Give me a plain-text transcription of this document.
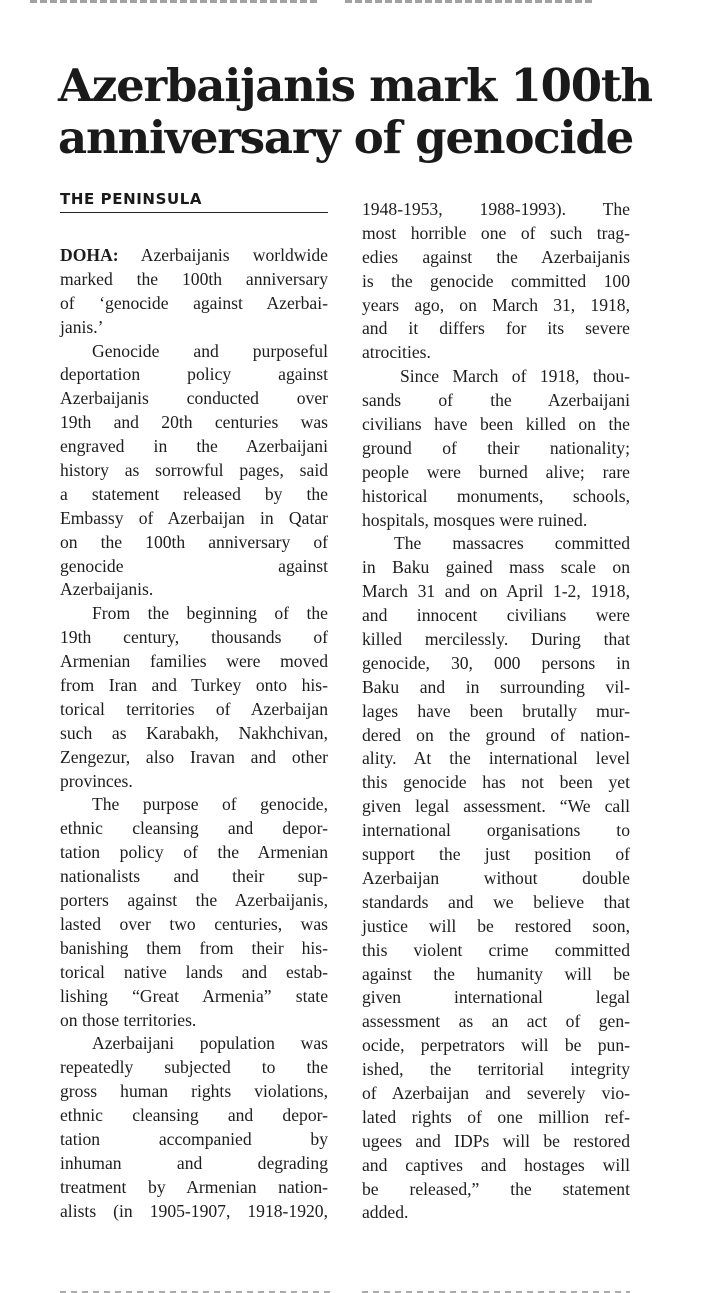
Azerbaijanis mark 100th
anniversary of genocide
THE PENINSULA
DOHA: Azerbaijanis worldwide
marked the 100th anniversary
of ‘genocide against Azerbai-
janis.’
Genocide and purposeful
deportation policy against
Azerbaijanis conducted over
19th and 20th centuries was
engraved in the Azerbaijani
history as sorrowful pages, said
a statement released by the
Embassy of Azerbaijan in Qatar
on the 100th anniversary of
genocide against
Azerbaijanis.
From the beginning of the
19th century, thousands of
Armenian families were moved
from Iran and Turkey onto his-
torical territories of Azerbaijan
such as Karabakh, Nakhchivan,
Zengezur, also Iravan and other
provinces.
The purpose of genocide,
ethnic cleansing and depor-
tation policy of the Armenian
nationalists and their sup-
porters against the Azerbaijanis,
lasted over two centuries, was
banishing them from their his-
torical native lands and estab-
lishing “Great Armenia” state
on those territories.
Azerbaijani population was
repeatedly subjected to the
gross human rights violations,
ethnic cleansing and depor-
tation accompanied by
inhuman and degrading
treatment by Armenian nation-
alists (in 1905-1907, 1918-1920,
1948-1953, 1988-1993). The
most horrible one of such trag-
edies against the Azerbaijanis
is the genocide committed 100
years ago, on March 31, 1918,
and it differs for its severe
atrocities.
Since March of 1918, thou-
sands of the Azerbaijani
civilians have been killed on the
ground of their nationality;
people were burned alive; rare
historical monuments, schools,
hospitals, mosques were ruined.
The massacres committed
in Baku gained mass scale on
March 31 and on April 1-2, 1918,
and innocent civilians were
killed mercilessly. During that
genocide, 30, 000 persons in
Baku and in surrounding vil-
lages have been brutally mur-
dered on the ground of nation-
ality. At the international level
this genocide has not been yet
given legal assessment. “We call
international organisations to
support the just position of
Azerbaijan without double
standards and we believe that
justice will be restored soon,
this violent crime committed
against the humanity will be
given international legal
assessment as an act of gen-
ocide, perpetrators will be pun-
ished, the territorial integrity
of Azerbaijan and severely vio-
lated rights of one million ref-
ugees and IDPs will be restored
and captives and hostages will
be released,” the statement
added.
